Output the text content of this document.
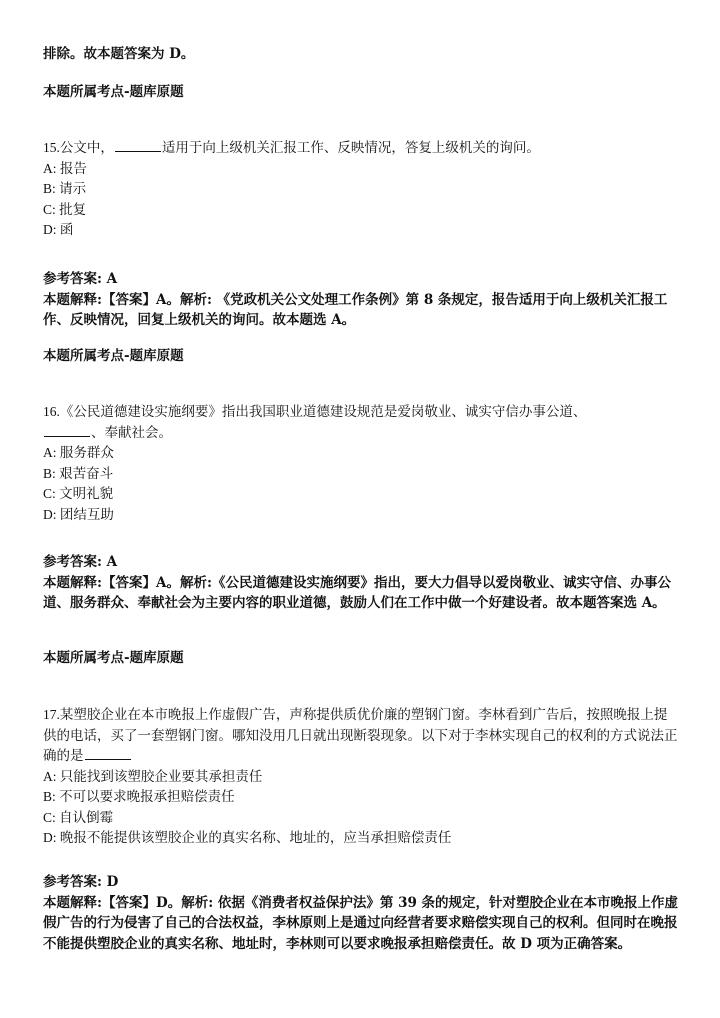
排除。故本题答案为 D。
本题所属考点-题库原题
15.公文中，	适用于向上级机关汇报工作、反映情况，答复上级机关的询问。
A: 报告
B: 请示
C: 批复
D: 函
参考答案: A
本题解释:【答案】A。解析: 《党政机关公文处理工作条例》第 8 条规定，报告适用于向上级机关汇报工作、反映情况，回复上级机关的询问。故本题选 A。
本题所属考点-题库原题
16.《公民道德建设实施纲要》指出我国职业道德建设规范是爱岗敬业、诚实守信办事公道、
、奉献社会。
A: 服务群众
B: 艰苦奋斗
C: 文明礼貌
D: 团结互助
参考答案: A
本题解释:【答案】A。解析:《公民道德建设实施纲要》指出，要大力倡导以爱岗敬业、诚实守信、办事公道、服务群众、奉献社会为主要内容的职业道德，鼓励人们在工作中做一个好建设者。故本题答案选 A。
本题所属考点-题库原题
17.某塑胶企业在本市晚报上作虚假广告，声称提供质优价廉的塑钢门窗。李林看到广告后，按照晚报上提供的电话，买了一套塑钢门窗。哪知没用几日就出现断裂现象。以下对于李林实现自己的权利的方式说法正确的是
A: 只能找到该塑胶企业要其承担责任
B: 不可以要求晚报承担赔偿责任
C: 自认倒霉
D: 晚报不能提供该塑胶企业的真实名称、地址的，应当承担赔偿责任
参考答案: D
本题解释:【答案】D。解析: 依据《消费者权益保护法》第 39 条的规定，针对塑胶企业在本市晚报上作虚假广告的行为侵害了自己的合法权益，李林原则上是通过向经营者要求赔偿实现自己的权利。但同时在晚报不能提供塑胶企业的真实名称、地址时，李林则可以要求晚报承担赔偿责任。故 D 项为正确答案。
